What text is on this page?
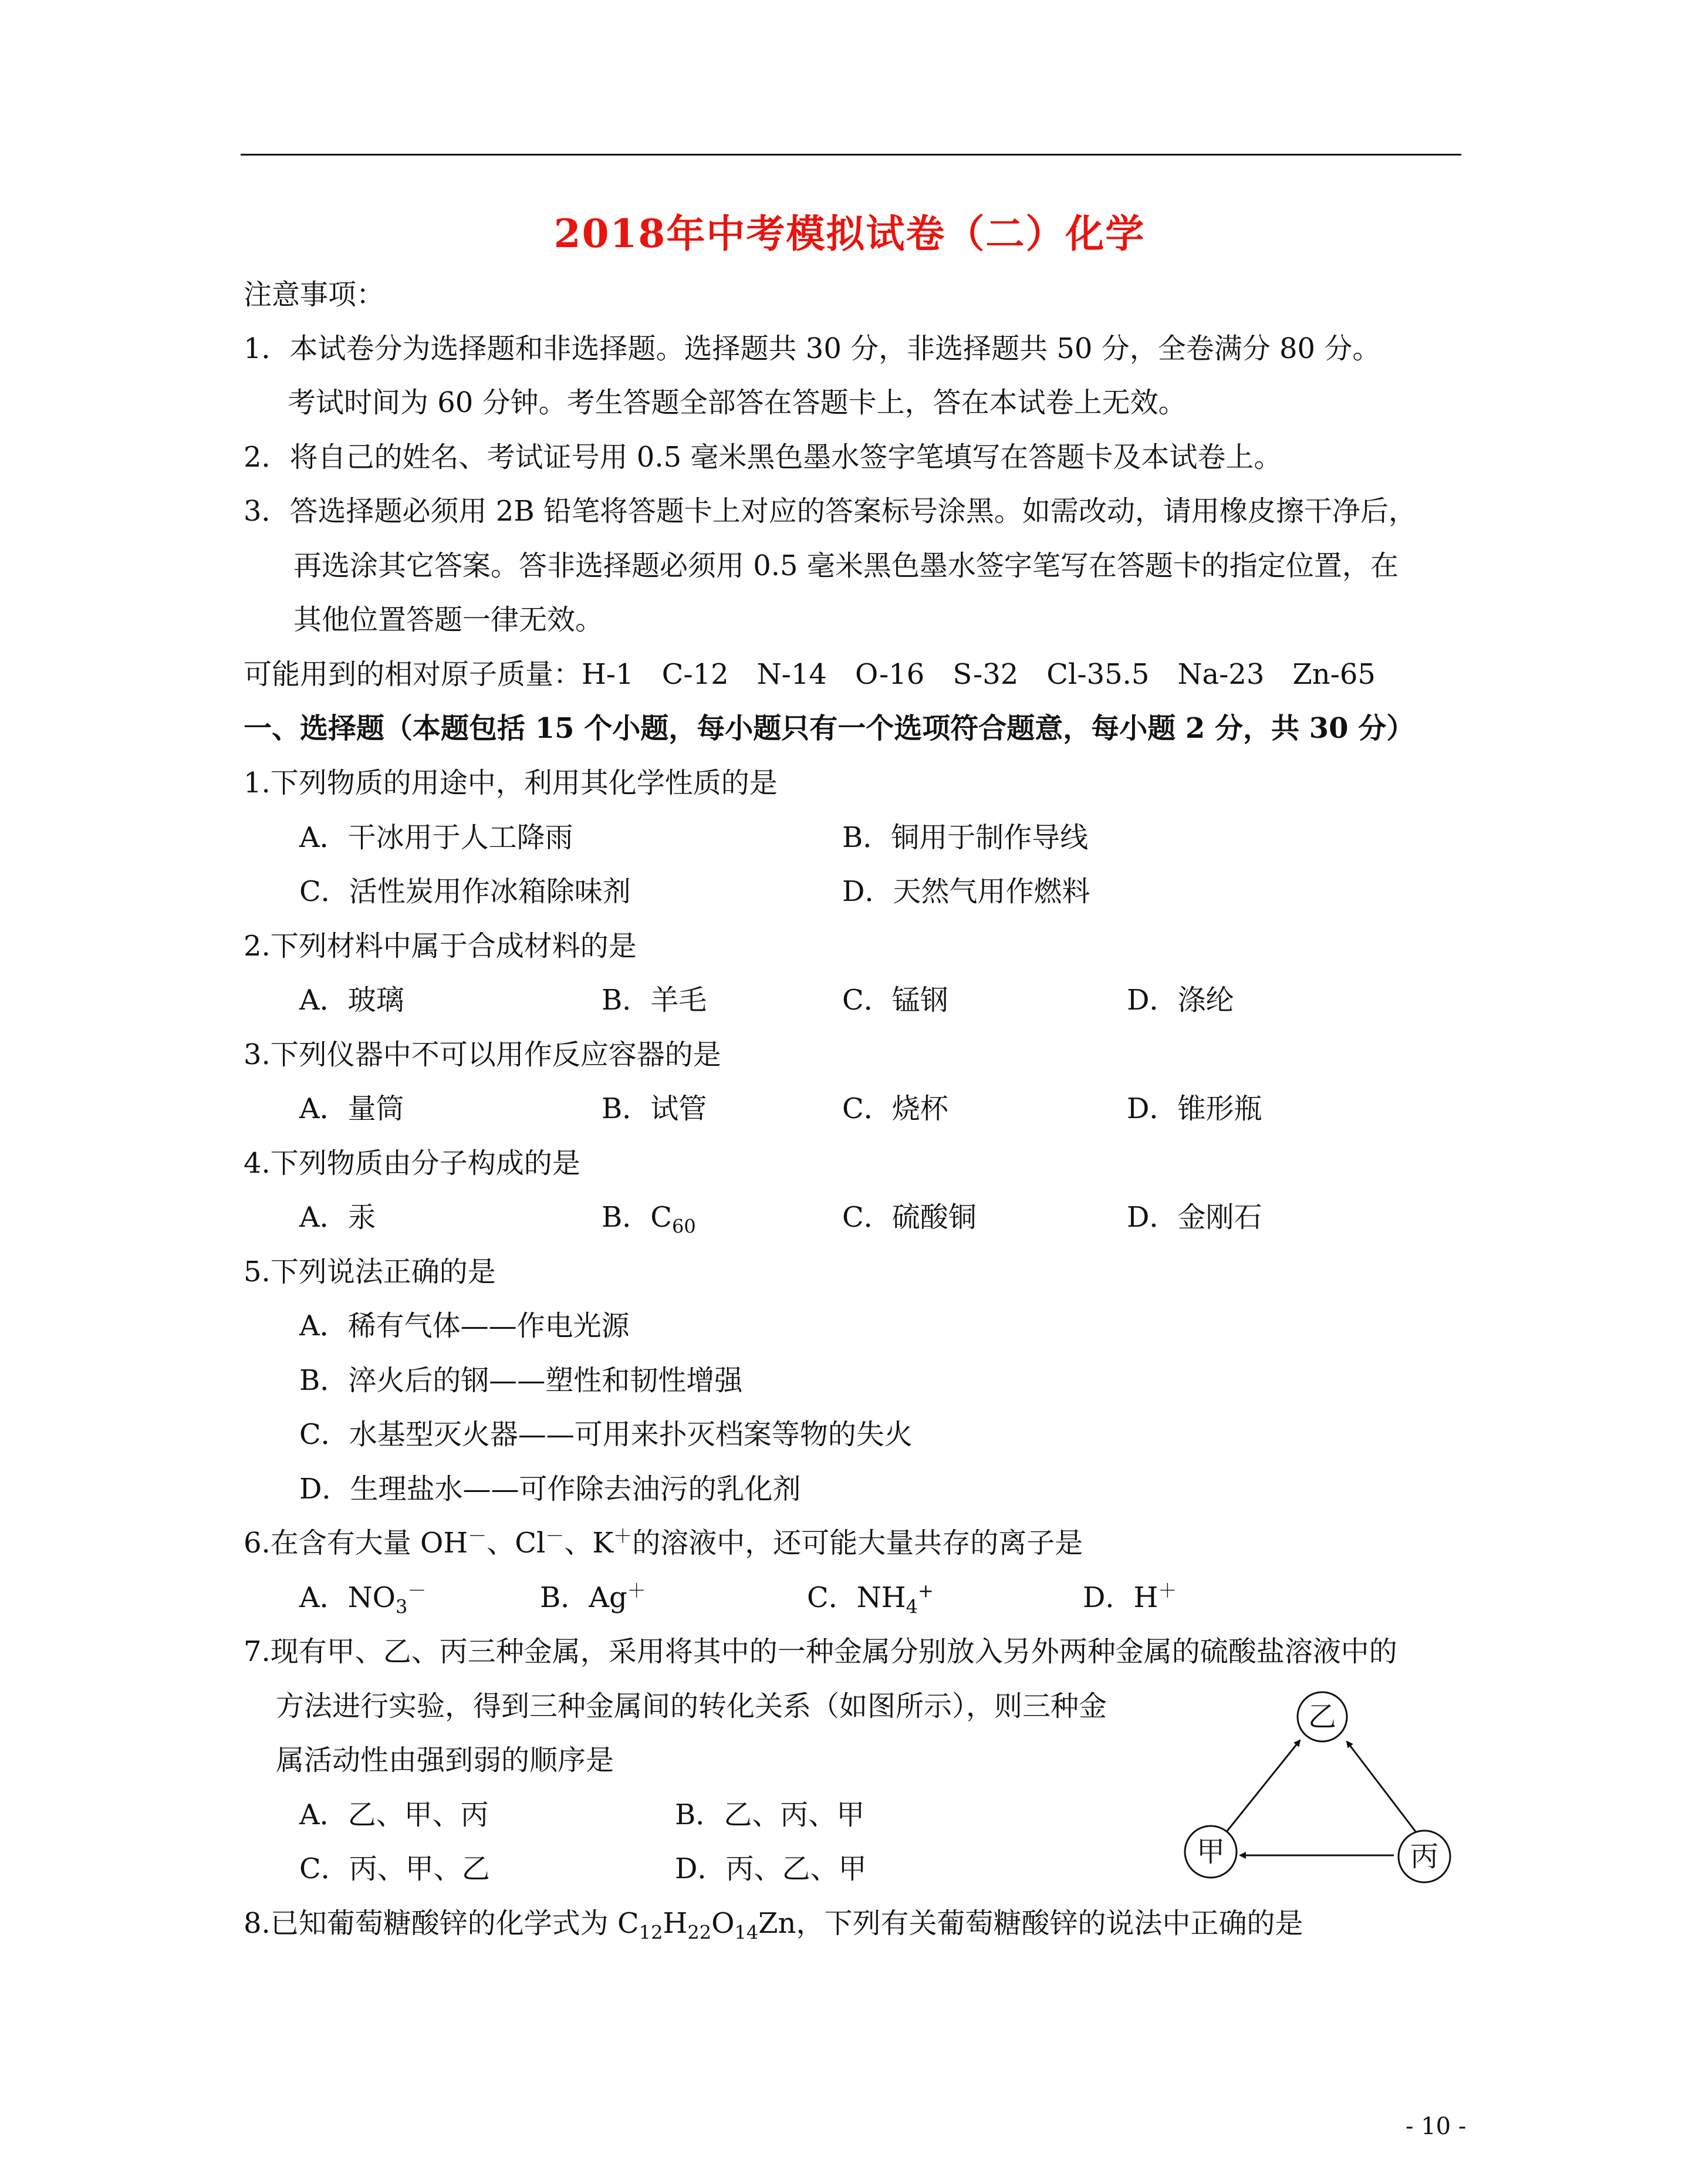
2018年中考模拟试卷（二）化学
注意事项：
1．本试卷分为选择题和非选择题。选择题共 30 分，非选择题共 50 分，全卷满分 80 分。
考试时间为 60 分钟。考生答题全部答在答题卡上，答在本试卷上无效。
2．将自己的姓名、考试证号用 0.5 毫米黑色墨水签字笔填写在答题卡及本试卷上。
3．答选择题必须用 2B 铅笔将答题卡上对应的答案标号涂黑。如需改动，请用橡皮擦干净后，
再选涂其它答案。答非选择题必须用 0.5 毫米黑色墨水签字笔写在答题卡的指定位置，在
其他位置答题一律无效。
可能用到的相对原子质量：H-1　C-12　N-14　O-16　S-32　Cl-35.5　Na-23　Zn-65
一、选择题（本题包括 15 个小题，每小题只有一个选项符合题意，每小题 2 分，共 30 分）
1.下列物质的用途中，利用其化学性质的是
A．干冰用于人工降雨	B．铜用于制作导线
C．活性炭用作冰箱除味剂	D．天然气用作燃料
2.下列材料中属于合成材料的是
A．玻璃	B．羊毛	C．锰钢	D．涤纶
3.下列仪器中不可以用作反应容器的是
A．量筒	B．试管	C．烧杯	D．锥形瓶
4.下列物质由分子构成的是
A．汞	B．$C_{60}$	C．硫酸铜	D．金刚石
5.下列说法正确的是
A．稀有气体——作电光源
B．淬火后的钢——塑性和韧性增强
C．水基型灭火器——可用来扑灭档案等物的失火
D．生理盐水——可作除去油污的乳化剂
6.在含有大量 OH－、Cl－、K＋的溶液中，还可能大量共存的离子是
A．$NO_3^-$	B．Ag＋	C．$NH_4^+$	D．H＋
7.现有甲、乙、丙三种金属，采用将其中的一种金属分别放入另外两种金属的硫酸盐溶液中的
方法进行实验，得到三种金属间的转化关系（如图所示），则三种金
属活动性由强到弱的顺序是
A．乙、甲、丙	B．乙、丙、甲
C．丙、甲、乙	D．丙、乙、甲
乙
甲	丙
8.已知葡萄糖酸锌的化学式为 $C_{12}H_{22}O_{14}Zn$，下列有关葡萄糖酸锌的说法中正确的是
- 10 -
